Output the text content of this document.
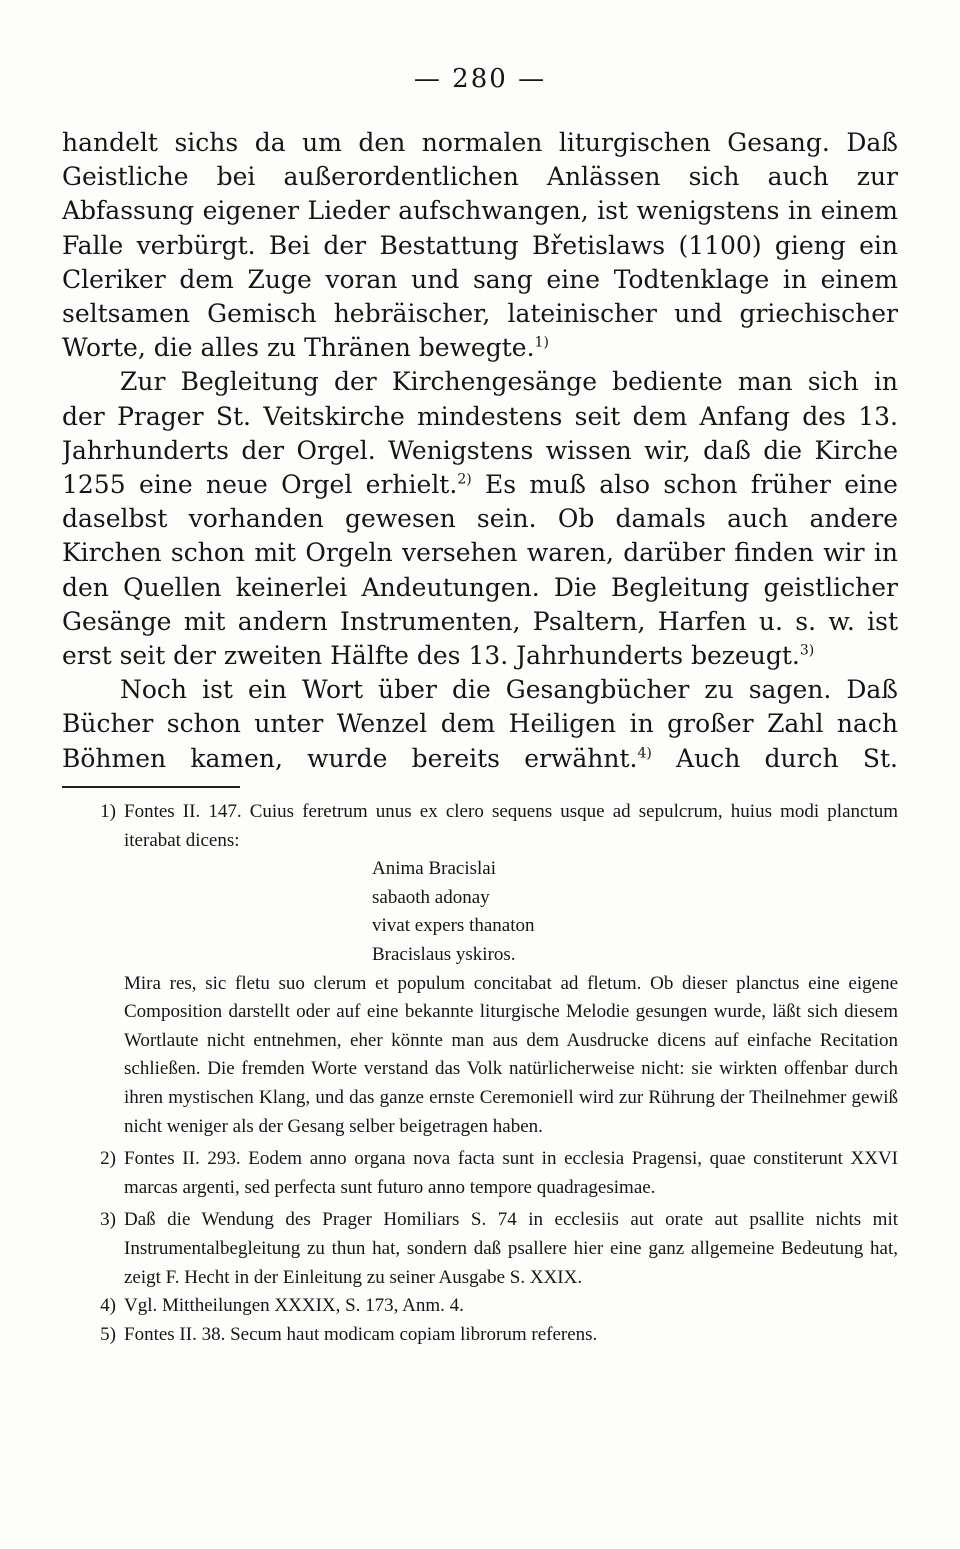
— 280 —

handelt sichs da um den normalen liturgischen Gesang. Daß Geistliche bei außerordentlichen Anlässen sich auch zur Abfassung eigener Lieder aufschwangen, ist wenigstens in einem Falle verbürgt. Bei der Bestattung Břetislaws (1100) gieng ein Cleriker dem Zuge voran und sang eine Todtenklage in einem seltsamen Gemisch hebräischer, lateinischer und griechischer Worte, die alles zu Thränen bewegte.$^{1)}$

Zur Begleitung der Kirchengesänge bediente man sich in der Prager St. Veitskirche mindestens seit dem Anfang des 13. Jahrhunderts der Orgel. Wenigstens wissen wir, daß die Kirche 1255 eine neue Orgel erhielt.$^{2)}$ Es muß also schon früher eine daselbst vorhanden gewesen sein. Ob damals auch andere Kirchen schon mit Orgeln versehen waren, darüber finden wir in den Quellen keinerlei Andeutungen. Die Begleitung geistlicher Gesänge mit andern Instrumenten, Psaltern, Harfen u. s. w. ist erst seit der zweiten Hälfte des 13. Jahrhunderts bezeugt.$^{3)}$

Noch ist ein Wort über die Gesangbücher zu sagen. Daß Bücher schon unter Wenzel dem Heiligen in großer Zahl nach Böhmen kamen, wurde bereits erwähnt.$^{4)}$ Auch durch St.

1) Fontes II. 147. Cuius feretrum unus ex clero sequens usque ad sepulcrum, huius modi planctum iterabat dicens:
Anima Bracislai
sabaoth adonay
vivat expers thanaton
Bracislaus yskiros.
Mira res, sic fletu suo clerum et populum concitabat ad fletum. Ob dieser planctus eine eigene Composition darstellt oder auf eine bekannte liturgische Melodie gesungen wurde, läßt sich diesem Wortlaute nicht entnehmen, eher könnte man aus dem Ausdrucke dicens auf einfache Recitation schließen. Die fremden Worte verstand das Volk natürlicherweise nicht: sie wirkten offenbar durch ihren mystischen Klang, und das ganze ernste Ceremoniell wird zur Rührung der Theilnehmer gewiß nicht weniger als der Gesang selber beigetragen haben.
2) Fontes II. 293. Eodem anno organa nova facta sunt in ecclesia Pragensi, quae constiterunt XXVI marcas argenti, sed perfecta sunt futuro anno tempore quadragesimae.
3) Daß die Wendung des Prager Homiliars S. 74 in ecclesiis aut orate aut psallite nichts mit Instrumentalbegleitung zu thun hat, sondern daß psallere hier eine ganz allgemeine Bedeutung hat, zeigt F. Hecht in der Einleitung zu seiner Ausgabe S. XXIX.
4) Vgl. Mittheilungen XXXIX, S. 173, Anm. 4.
5) Fontes II. 38. Secum haut modicam copiam librorum referens.
